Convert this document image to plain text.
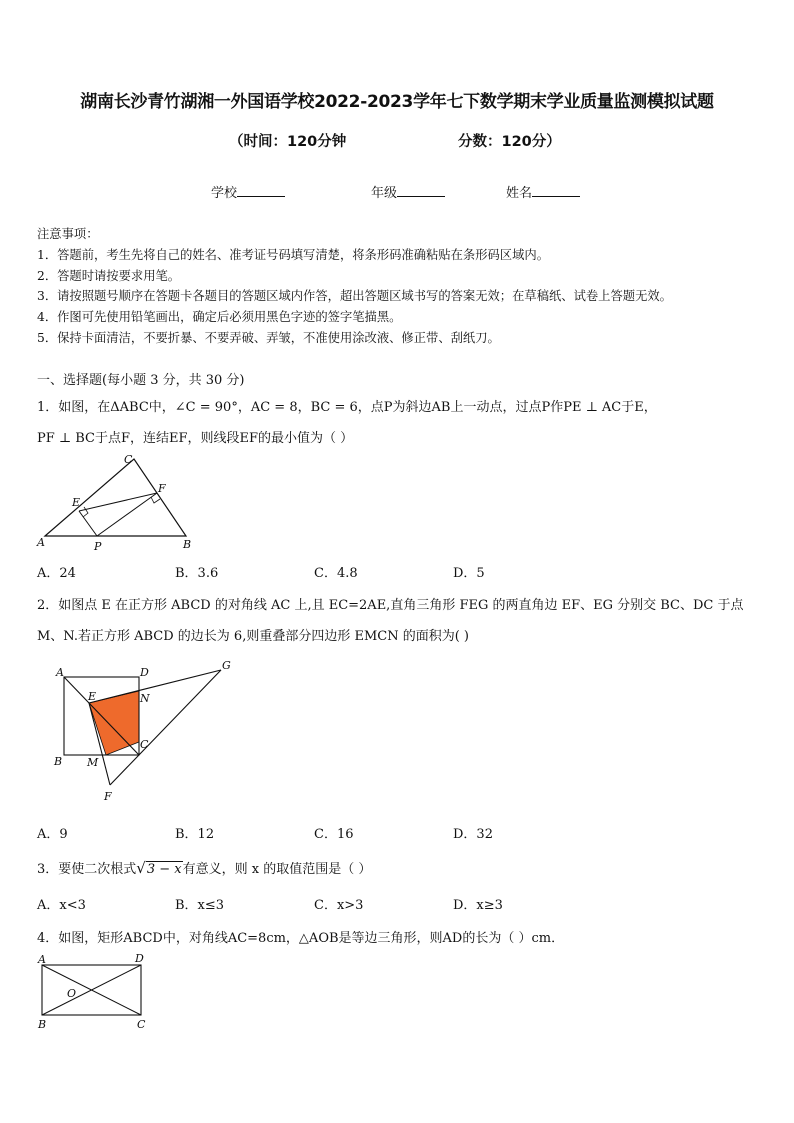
湖南长沙青竹湖湘一外国语学校2022-2023学年七下数学期末学业质量监测模拟试题
（时间：120分钟	分数：120分）
学校	年级	姓名
注意事项：
1．答题前，考生先将自己的姓名、准考证号码填写清楚，将条形码准确粘贴在条形码区域内。
2．答题时请按要求用笔。
3．请按照题号顺序在答题卡各题目的答题区域内作答，超出答题区域书写的答案无效；在草稿纸、试卷上答题无效。
4．作图可先使用铅笔画出，确定后必须用黑色字迹的签字笔描黑。
5．保持卡面清洁，不要折暴、不要弄破、弄皱，不准使用涂改液、修正带、刮纸刀。
一、选择题(每小题 3 分，共 30 分)
1．如图，在ΔABC中，∠C = 90°，AC = 8，BC = 6，点P为斜边AB上一动点，过点P作PE ⊥ AC于E，
PF ⊥ BC于点F，连结EF，则线段EF的最小值为（ ）
C
E
F
A	P	B
A．24	B．3.6	C．4.8	D．5
2．如图点 E 在正方形 ABCD 的对角线 AC 上,且 EC=2AE,直角三角形 FEG 的两直角边 EF、EG 分别交 BC、DC 于点
M、N.若正方形 ABCD 的边长为 6,则重叠部分四边形 EMCN 的面积为( )
A	D
G
E	N
C
B M
F
A．9	B．12	C．16	D．32
3．要使二次根式√3 − x有意义，则 x 的取值范围是（ ）
A．x<3	B．x≤3	C．x>3	D．x≥3
4．如图，矩形ABCD中，对角线AC=8cm，△AOB是等边三角形，则AD的长为（ ）cm．
A	D
O
B	C
